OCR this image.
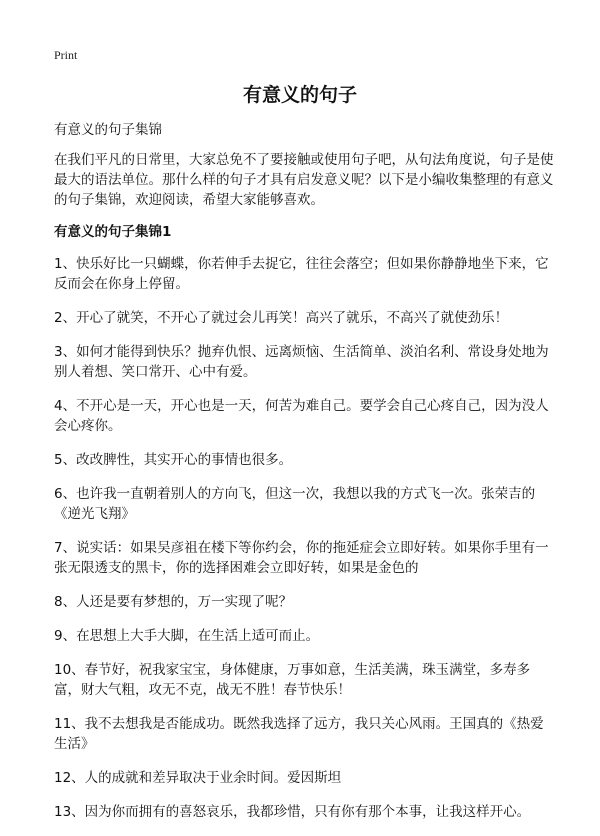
Print
有意义的句子

有意义的句子集锦

在我们平凡的日常里，大家总免不了要接触或使用句子吧，从句法角度说，句子是使最大的语法单位。那什么样的句子才具有启发意义呢？以下是小编收集整理的有意义的句子集锦，欢迎阅读，希望大家能够喜欢。

有意义的句子集锦1

1、快乐好比一只蝴蝶，你若伸手去捉它，往往会落空；但如果你静静地坐下来，它反而会在你身上停留。

2、开心了就笑，不开心了就过会儿再笑！高兴了就乐，不高兴了就使劲乐！

3、如何才能得到快乐？抛弃仇恨、远离烦恼、生活简单、淡泊名利、常设身处地为别人着想、笑口常开、心中有爱。

4、不开心是一天，开心也是一天，何苦为难自己。要学会自己心疼自己，因为没人会心疼你。

5、改改脾性，其实开心的事情也很多。

6、也许我一直朝着别人的方向飞，但这一次，我想以我的方式飞一次。张荣吉的《逆光飞翔》

7、说实话：如果吴彦祖在楼下等你约会，你的拖延症会立即好转。如果你手里有一张无限透支的黑卡，你的选择困难会立即好转，如果是金色的

8、人还是要有梦想的，万一实现了呢？

9、在思想上大手大脚，在生活上适可而止。

10、春节好，祝我家宝宝，身体健康，万事如意，生活美满，珠玉满堂，多寿多富，财大气粗，攻无不克，战无不胜！春节快乐！

11、我不去想我是否能成功。既然我选择了远方，我只关心风雨。王国真的《热爱生活》

12、人的成就和差异取决于业余时间。爱因斯坦

13、因为你而拥有的喜怒哀乐，我都珍惜，只有你有那个本事，让我这样开心。
